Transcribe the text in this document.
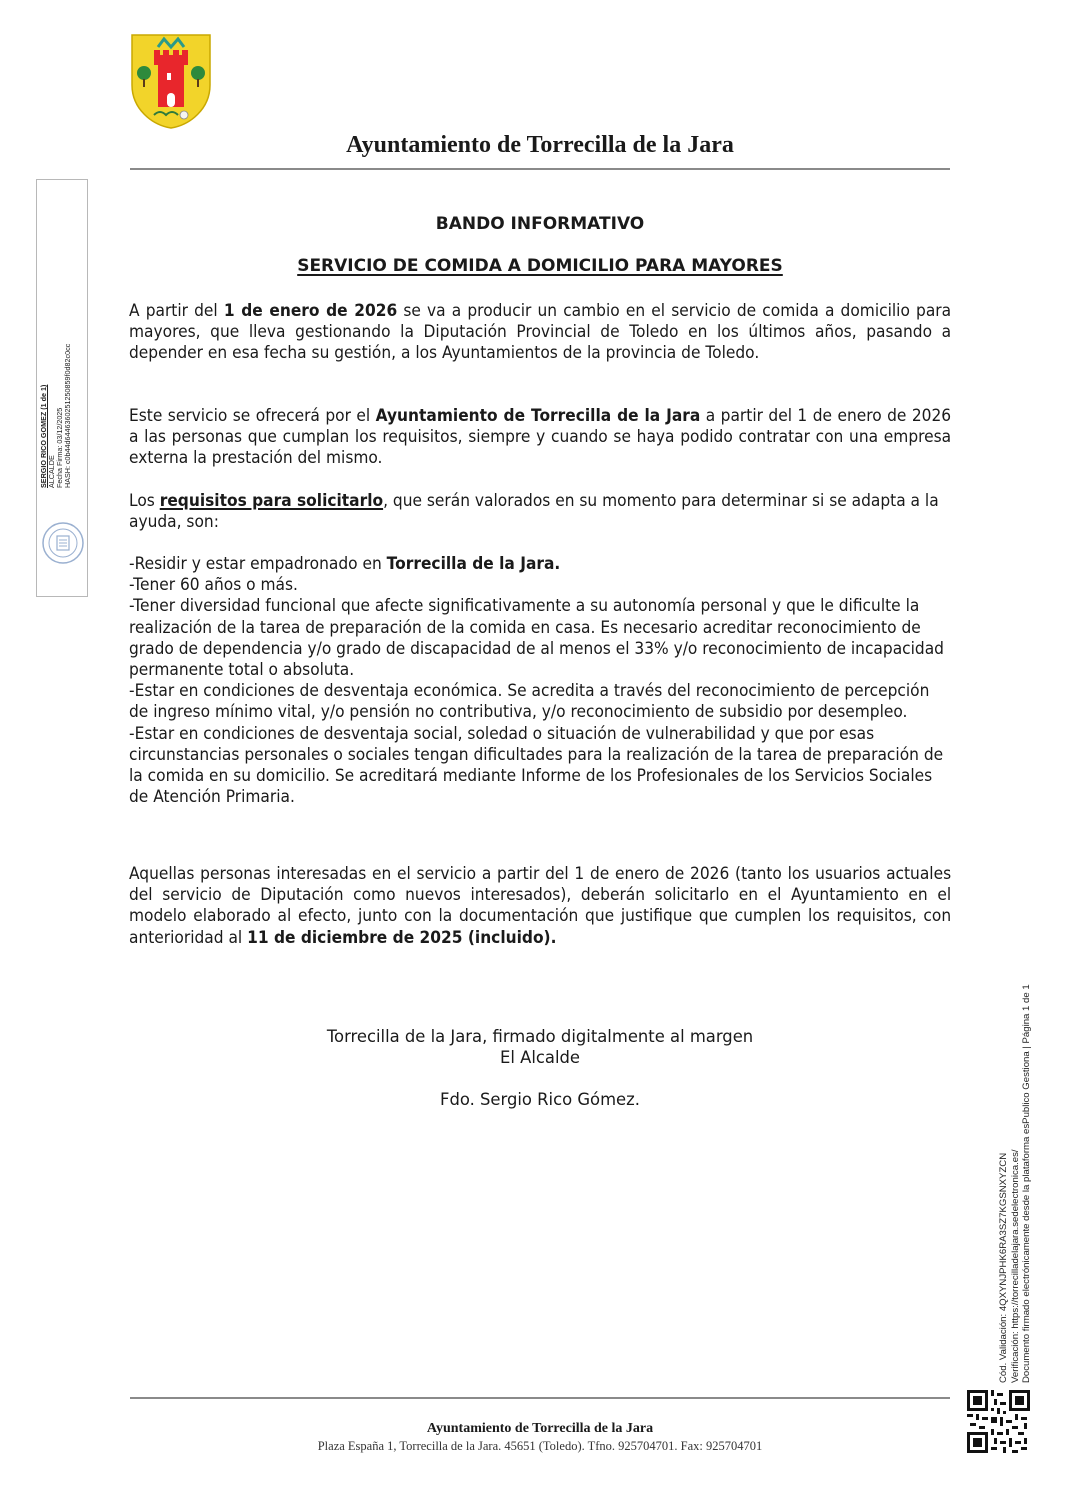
Ayuntamiento de Torrecilla de la Jara
SERGIO RICO GOMEZ (1 de 1) ALCALDE Fecha Firma: 03/12/2025 HASH: c0b44d6446360251250859f0d82c0cc
Cód. Validación: 4QXYNJPHK6RA3SZ7KGSNXYZCN Verificación: https://torrecilladelajara.sedelectronica.es/ Documento firmado electrónicamente desde la plataforma esPublico Gestiona | Página 1 de 1
BANDO INFORMATIVO
SERVICIO DE COMIDA A DOMICILIO PARA MAYORES
A partir del 1 de enero de 2026 se va a producir un cambio en el servicio de comida a domicilio para mayores, que lleva gestionando la Diputación Provincial de Toledo en los últimos años, pasando a depender en esa fecha su gestión, a los Ayuntamientos de la provincia de Toledo.
Este servicio se ofrecerá por el Ayuntamiento de Torrecilla de la Jara a partir del 1 de enero de 2026 a las personas que cumplan los requisitos, siempre y cuando se haya podido contratar con una empresa externa la prestación del mismo.
Los requisitos para solicitarlo, que serán valorados en su momento para determinar si se adapta a la ayuda, son:
-Residir y estar empadronado en Torrecilla de la Jara.
-Tener 60 años o más.
-Tener diversidad funcional que afecte significativamente a su autonomía personal y que le dificulte la realización de la tarea de preparación de la comida en casa. Es necesario acreditar reconocimiento de grado de dependencia y/o grado de discapacidad de al menos el 33% y/o reconocimiento de incapacidad permanente total o absoluta.
-Estar en condiciones de desventaja económica. Se acredita a través del reconocimiento de percepción de ingreso mínimo vital, y/o pensión no contributiva, y/o reconocimiento de subsidio por desempleo.
-Estar en condiciones de desventaja social, soledad o situación de vulnerabilidad y que por esas circunstancias personales o sociales tengan dificultades para la realización de la tarea de preparación de la comida en su domicilio. Se acreditará mediante Informe de los Profesionales de los Servicios Sociales de Atención Primaria.
Aquellas personas interesadas en el servicio a partir del 1 de enero de 2026 (tanto los usuarios actuales del servicio de Diputación como nuevos interesados), deberán solicitarlo en el Ayuntamiento en el modelo elaborado al efecto, junto con la documentación que justifique que cumplen los requisitos, con anterioridad al 11 de diciembre de 2025 (incluido).
Torrecilla de la Jara, firmado digitalmente al margen
El Alcalde
Fdo. Sergio Rico Gómez.
Ayuntamiento de Torrecilla de la Jara
Plaza España 1, Torrecilla de la Jara. 45651 (Toledo). Tfno. 925704701. Fax: 925704701
